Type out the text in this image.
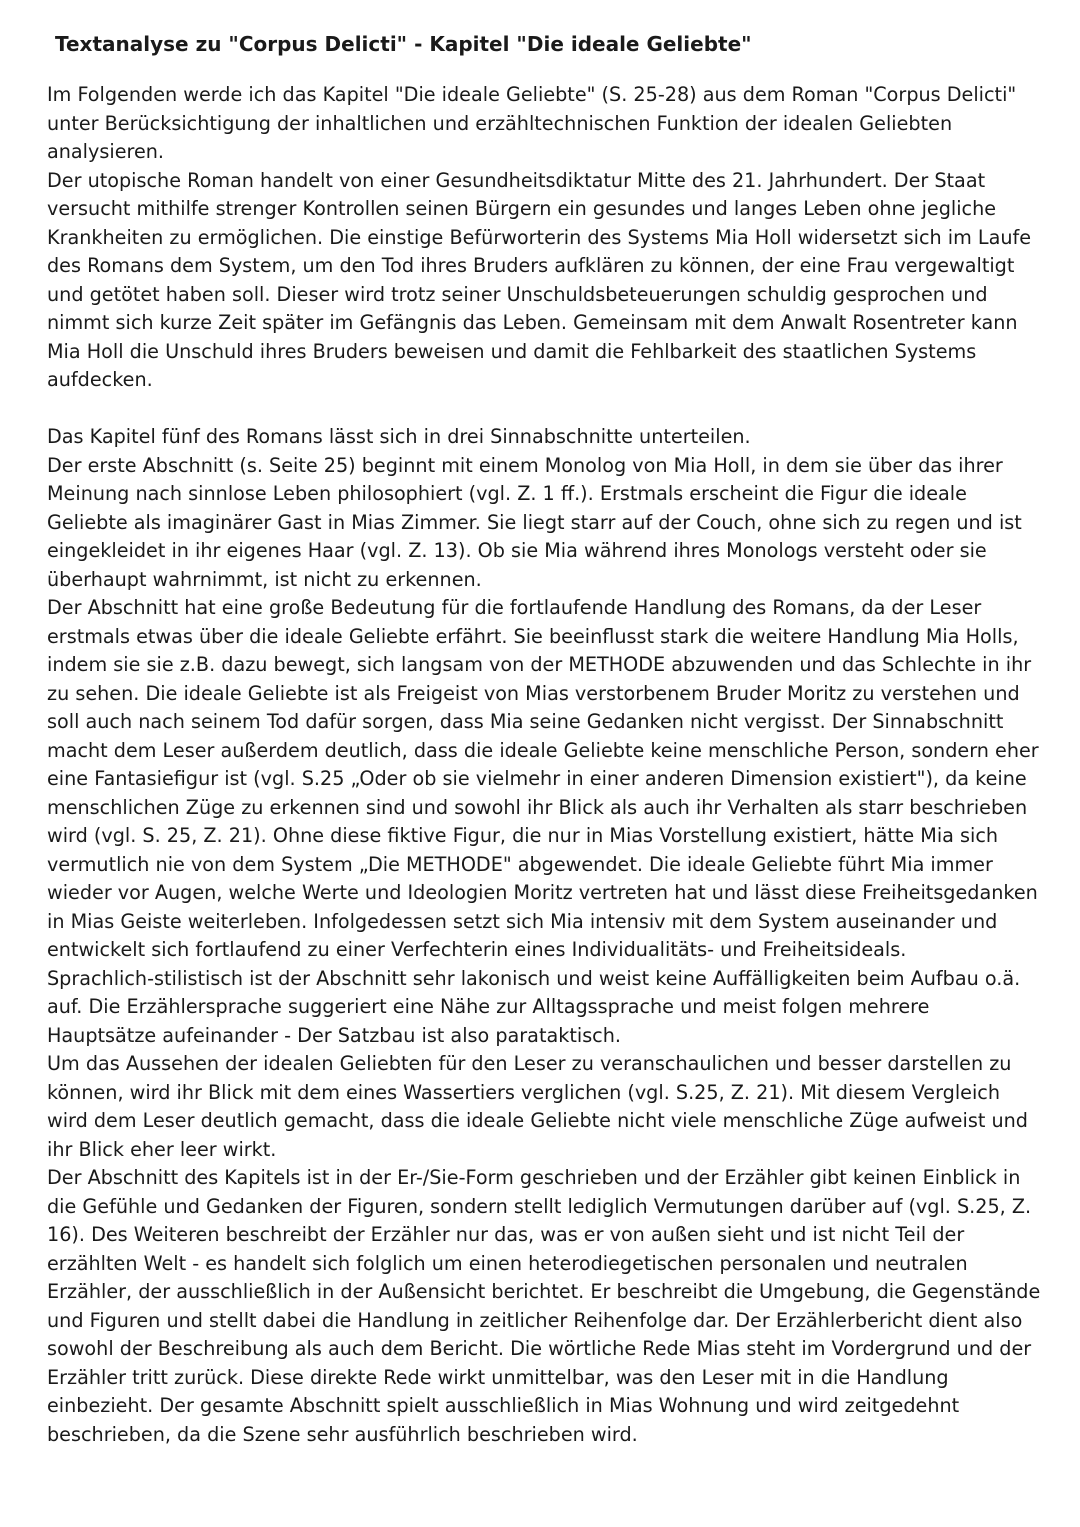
Textanalyse zu "Corpus Delicti" - Kapitel "Die ideale Geliebte"

Im Folgenden werde ich das Kapitel "Die ideale Geliebte" (S. 25-28) aus dem Roman "Corpus Delicti" unter Berücksichtigung der inhaltlichen und erzähltechnischen Funktion der idealen Geliebten analysieren.

Der utopische Roman handelt von einer Gesundheitsdiktatur Mitte des 21. Jahrhundert. Der Staat versucht mithilfe strenger Kontrollen seinen Bürgern ein gesundes und langes Leben ohne jegliche Krankheiten zu ermöglichen. Die einstige Befürworterin des Systems Mia Holl widersetzt sich im Laufe des Romans dem System, um den Tod ihres Bruders aufklären zu können, der eine Frau vergewaltigt und getötet haben soll. Dieser wird trotz seiner Unschuldsbeteuerungen schuldig gesprochen und nimmt sich kurze Zeit später im Gefängnis das Leben. Gemeinsam mit dem Anwalt Rosentreter kann Mia Holl die Unschuld ihres Bruders beweisen und damit die Fehlbarkeit des staatlichen Systems aufdecken.

Das Kapitel fünf des Romans lässt sich in drei Sinnabschnitte unterteilen.

Der erste Abschnitt (s. Seite 25) beginnt mit einem Monolog von Mia Holl, in dem sie über das ihrer Meinung nach sinnlose Leben philosophiert (vgl. Z. 1 ff.). Erstmals erscheint die Figur die ideale Geliebte als imaginärer Gast in Mias Zimmer. Sie liegt starr auf der Couch, ohne sich zu regen und ist eingekleidet in ihr eigenes Haar (vgl. Z. 13). Ob sie Mia während ihres Monologs versteht oder sie überhaupt wahrnimmt, ist nicht zu erkennen.

Der Abschnitt hat eine große Bedeutung für die fortlaufende Handlung des Romans, da der Leser erstmals etwas über die ideale Geliebte erfährt. Sie beeinflusst stark die weitere Handlung Mia Holls, indem sie sie z.B. dazu bewegt, sich langsam von der METHODE abzuwenden und das Schlechte in ihr zu sehen. Die ideale Geliebte ist als Freigeist von Mias verstorbenem Bruder Moritz zu verstehen und soll auch nach seinem Tod dafür sorgen, dass Mia seine Gedanken nicht vergisst. Der Sinnabschnitt macht dem Leser außerdem deutlich, dass die ideale Geliebte keine menschliche Person, sondern eher eine Fantasiefigur ist (vgl. S.25 „Oder ob sie vielmehr in einer anderen Dimension existiert"), da keine menschlichen Züge zu erkennen sind und sowohl ihr Blick als auch ihr Verhalten als starr beschrieben wird (vgl. S. 25, Z. 21). Ohne diese fiktive Figur, die nur in Mias Vorstellung existiert, hätte Mia sich vermutlich nie von dem System „Die METHODE" abgewendet. Die ideale Geliebte führt Mia immer wieder vor Augen, welche Werte und Ideologien Moritz vertreten hat und lässt diese Freiheitsgedanken in Mias Geiste weiterleben. Infolgedessen setzt sich Mia intensiv mit dem System auseinander und entwickelt sich fortlaufend zu einer Verfechterin eines Individualitäts- und Freiheitsideals.

Sprachlich-stilistisch ist der Abschnitt sehr lakonisch und weist keine Auffälligkeiten beim Aufbau o.ä. auf. Die Erzählersprache suggeriert eine Nähe zur Alltagssprache und meist folgen mehrere Hauptsätze aufeinander - Der Satzbau ist also parataktisch.

Um das Aussehen der idealen Geliebten für den Leser zu veranschaulichen und besser darstellen zu können, wird ihr Blick mit dem eines Wassertiers verglichen (vgl. S.25, Z. 21). Mit diesem Vergleich wird dem Leser deutlich gemacht, dass die ideale Geliebte nicht viele menschliche Züge aufweist und ihr Blick eher leer wirkt.

Der Abschnitt des Kapitels ist in der Er-/Sie-Form geschrieben und der Erzähler gibt keinen Einblick in die Gefühle und Gedanken der Figuren, sondern stellt lediglich Vermutungen darüber auf (vgl. S.25, Z. 16). Des Weiteren beschreibt der Erzähler nur das, was er von außen sieht und ist nicht Teil der erzählten Welt - es handelt sich folglich um einen heterodiegetischen personalen und neutralen Erzähler, der ausschließlich in der Außensicht berichtet. Er beschreibt die Umgebung, die Gegenstände und Figuren und stellt dabei die Handlung in zeitlicher Reihenfolge dar. Der Erzählerbericht dient also sowohl der Beschreibung als auch dem Bericht. Die wörtliche Rede Mias steht im Vordergrund und der Erzähler tritt zurück. Diese direkte Rede wirkt unmittelbar, was den Leser mit in die Handlung einbezieht. Der gesamte Abschnitt spielt ausschließlich in Mias Wohnung und wird zeitgedehnt beschrieben, da die Szene sehr ausführlich beschrieben wird.
